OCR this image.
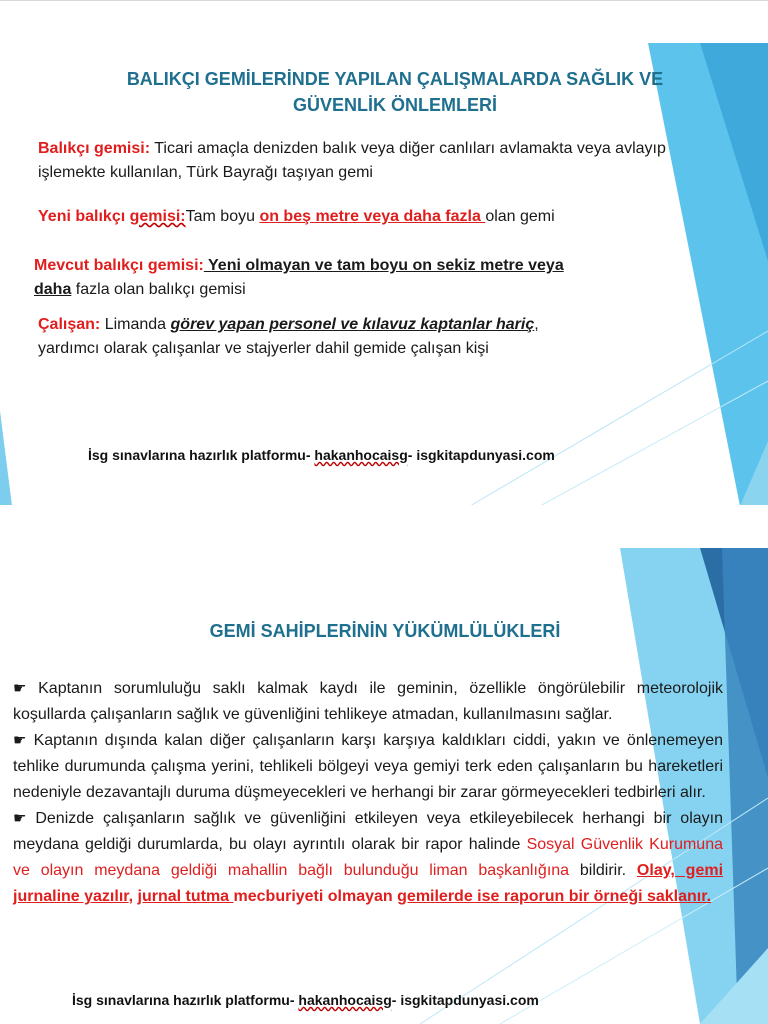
BALIKÇI GEMİLERİNDE YAPILAN ÇALIŞMALARDA SAĞLIK VE
GÜVENLİK ÖNLEMLERİ

Balıkçı gemisi: Ticari amaçla denizden balık veya diğer canlıları avlamakta veya avlayıp işlemekte kullanılan, Türk Bayrağı taşıyan gemi

Yeni balıkçı gemisi:Tam boyu on beş metre veya daha fazla olan gemi

Mevcut balıkçı gemisi: Yeni olmayan ve tam boyu on sekiz metre veya
daha fazla olan balıkçı gemisi

Çalışan: Limanda görev yapan personel ve kılavuz kaptanlar hariç, yardımcı olarak çalışanlar ve stajyerler dahil gemide çalışan kişi

İsg sınavlarına hazırlık platformu- hakanhocaisg- isgkitapdunyasi.com

GEMİ SAHİPLERİNİN YÜKÜMLÜLÜKLERİ

☛ Kaptanın sorumluluğu saklı kalmak kaydı ile geminin, özellikle öngörülebilir meteorolojik koşullarda çalışanların sağlık ve güvenliğini tehlikeye atmadan, kullanılmasını sağlar.
☛ Kaptanın dışında kalan diğer çalışanların karşı karşıya kaldıkları ciddi, yakın ve önlenemeyen tehlike durumunda çalışma yerini, tehlikeli bölgeyi veya gemiyi terk eden çalışanların bu hareketleri nedeniyle dezavantajlı duruma düşmeyecekleri ve herhangi bir zarar görmeyecekleri tedbirleri alır.
☛ Denizde çalışanların sağlık ve güvenliğini etkileyen veya etkileyebilecek herhangi bir olayın meydana geldiği durumlarda, bu olayı ayrıntılı olarak bir rapor halinde Sosyal Güvenlik Kurumuna ve olayın meydana geldiği mahallin bağlı bulunduğu liman başkanlığına bildirir. Olay, gemi jurnaline yazılır, jurnal tutma mecburiyeti olmayan gemilerde ise raporun bir örneği saklanır.

İsg sınavlarına hazırlık platformu- hakanhocaisg- isgkitapdunyasi.com
